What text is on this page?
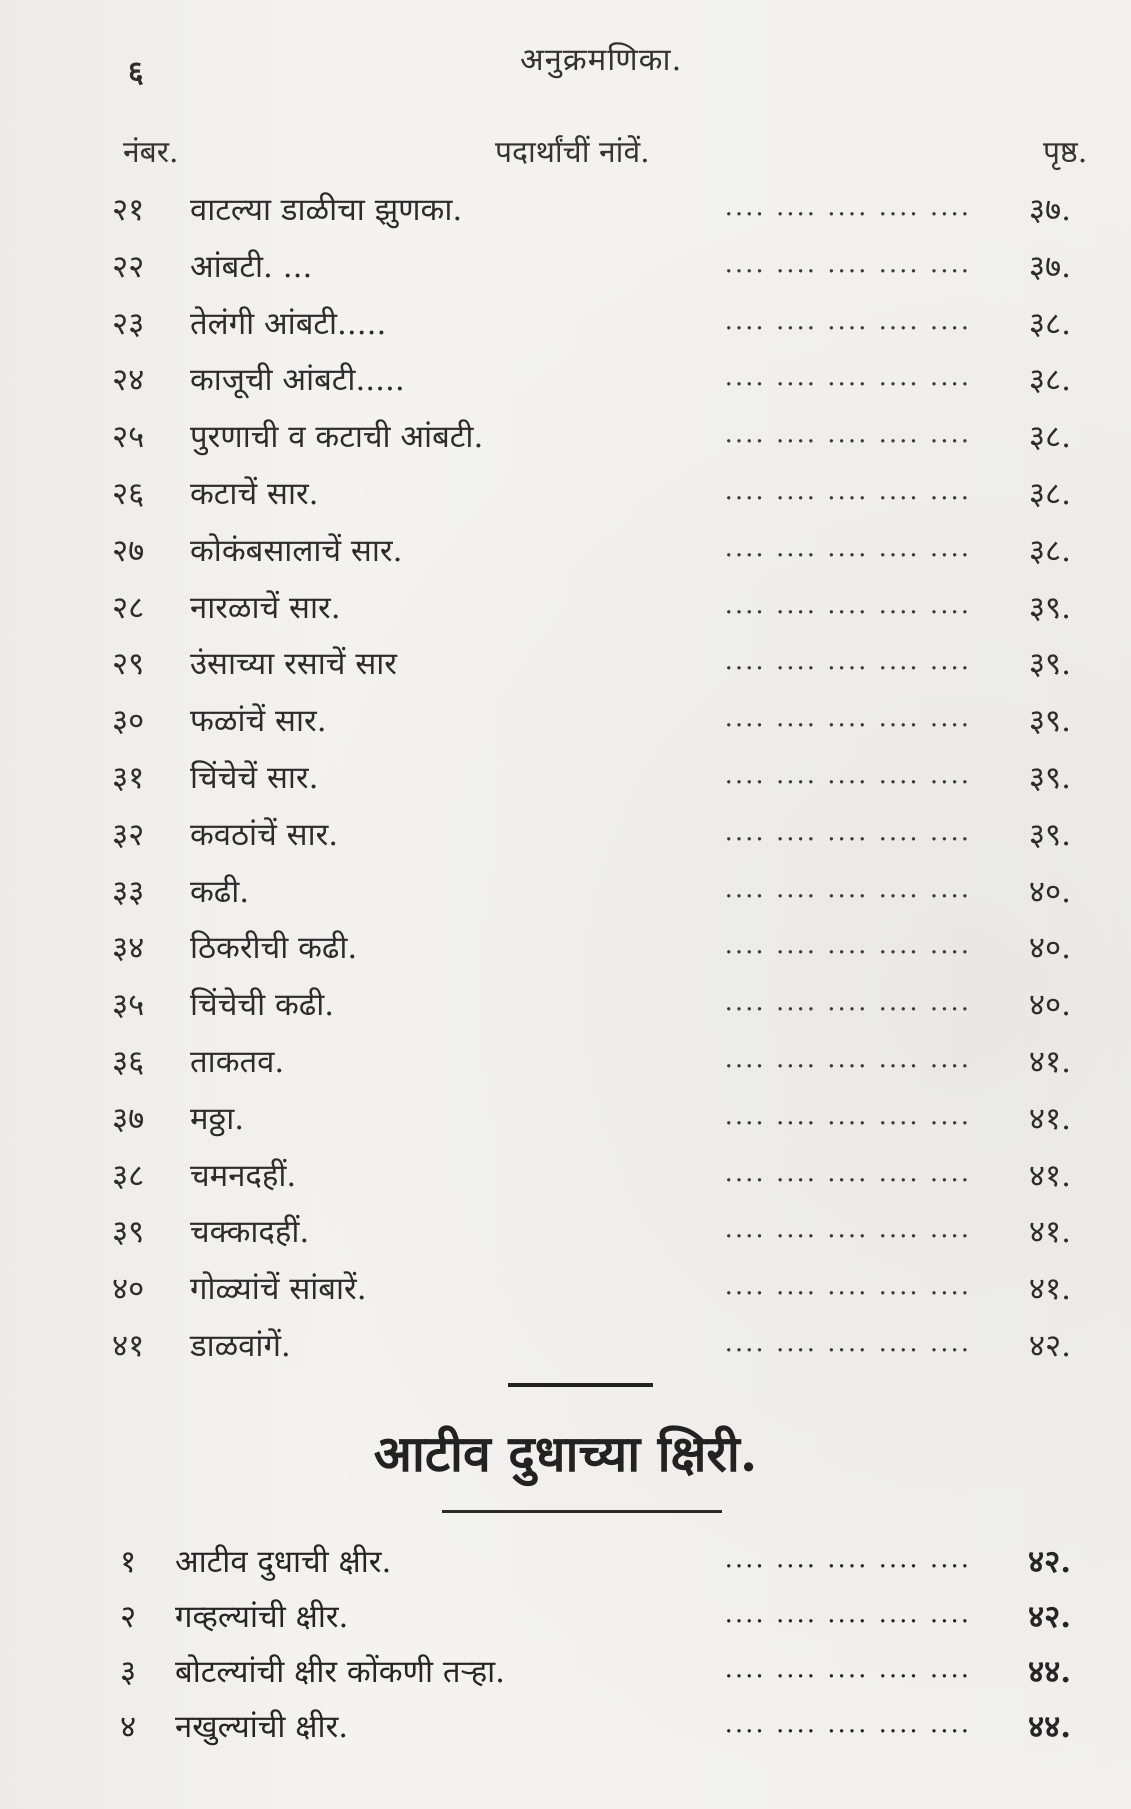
६	अनुक्रमणिका.
नंबर.	पदार्थांचीं नांवें.	पृष्ठ.
२१	वाटल्या डाळीचा झुणका.	.... .... .... .... ....	३७.
२२	आंबटी. ...	.... .... .... .... ....	३७.
२३	तेलंगी आंबटी.....	.... .... .... .... ....	३८.
२४	काजूची आंबटी.....	.... .... .... .... ....	३८.
२५	पुरणाची व कटाची आंबटी.	.... .... .... .... ....	३८.
२६	कटाचें सार.	.... .... .... .... ....	३८.
२७	कोकंबसालाचें सार.	.... .... .... .... ....	३८.
२८	नारळाचें सार.	.... .... .... .... ....	३९.
२९	उंसाच्या रसाचें सार	.... .... .... .... ....	३९.
३०	फळांचें सार.	.... .... .... .... ....	३९.
३१	चिंचेचें सार.	.... .... .... .... ....	३९.
३२	कवठांचें सार.	.... .... .... .... ....	३९.
३३	कढी.	.... .... .... .... ....	४०.
३४	ठिकरीची कढी.	.... .... .... .... ....	४०.
३५	चिंचेची कढी.	.... .... .... .... ....	४०.
३६	ताकतव.	.... .... .... .... ....	४१.
३७	मठ्ठा.	.... .... .... .... ....	४१.
३८	चमनदहीं.	.... .... .... .... ....	४१.
३९	चक्कादहीं.	.... .... .... .... ....	४१.
४०	गोळ्यांचें सांबारें.	.... .... .... .... ....	४१.
४१	डाळवांगें.	.... .... .... .... ....	४२.
आटीव दुधाच्या क्षिरी.
१	आटीव दुधाची क्षीर.	.... .... .... .... ....	४२.
२	गव्हल्यांची क्षीर.	.... .... .... .... ....	४२.
३	बोटल्यांची क्षीर कोंकणी तऱ्हा.	.... .... .... .... ....	४४.
४	नखुल्यांची क्षीर.	.... .... .... .... ....	४४.
